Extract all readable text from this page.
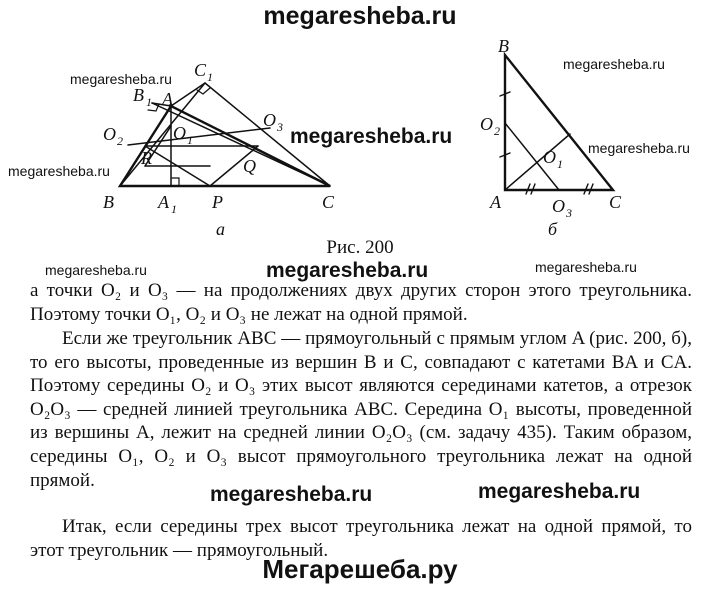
megaresheba.ru
B
B 1 A
C 1
O 2	O 1
O 3
R	Q
A 1 P	C
а
B
O 2
O 1
A	O 3
C
б
megaresheba.ru
megaresheba.ru
megaresheba.ru
megaresheba.ru
megaresheba.ru
Рис. 200
megaresheba.ru	megaresheba.ru	megaresheba.ru

а точки O₂ и O₃ — на продолжениях двух других сторон этого треугольника. Поэтому точки O₁, O₂ и O₃ не лежат на одной прямой.

Если же треугольник ABC — прямоугольный с прямым углом A (рис. 200, б), то его высоты, проведенные из вершин B и C, совпадают с катетами BA и CA. Поэтому середины O₂ и O₃ этих высот являются серединами катетов, а отрезок O₂O₃ — средней линией треугольника ABC. Середина O₁ высоты, проведенной из вершины A, лежит на средней линии O₂O₃ (см. задачу 435). Таким образом, середины O₁, O₂ и O₃ высот прямоугольного треугольника лежат на одной прямой.

megaresheba.ru	megaresheba.ru

Итак, если середины трех высот треугольника лежат на одной прямой, то этот треугольник — прямоугольный.

Мегарешеба.ру
